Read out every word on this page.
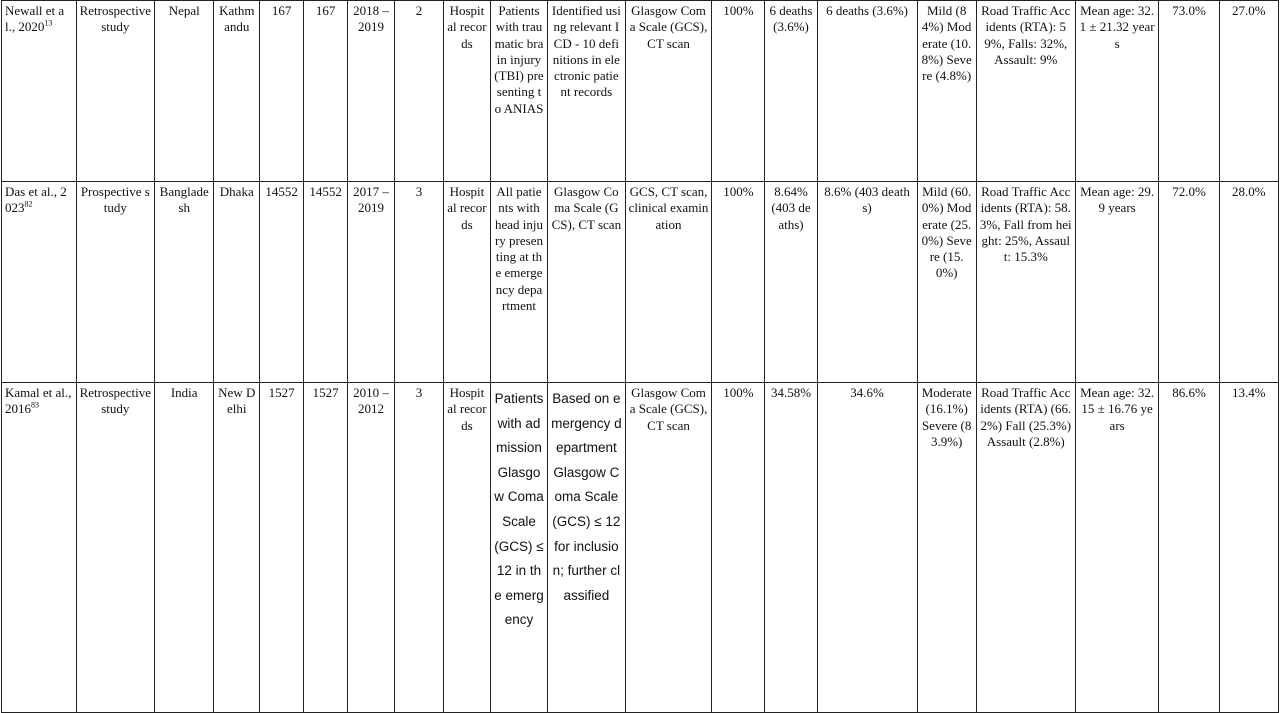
Newall et al., 2020$^{13}$	Retrospective study	Nepal	Kathmandu	167	167	2018 – 2019	2	Hospital records	Patients with traumatic brain injury (TBI) presenting to ANIAS	Identified using relevant ICD - 10 definitions in electronic patient records	Glasgow Coma Scale (GCS), CT scan	100%	6 deaths (3.6%)	6 deaths (3.6%)	Mild (84%) Moderate (10.8%) Severe (4.8%)	Road Traffic Accidents (RTA): 59%, Falls: 32%, Assault: 9%	Mean age: 32.1 ± 21.32 years	73.0%	27.0%

Das et al., 2023$^{82}$	Prospective study	Bangladesh	Dhaka	14552	14552	2017 – 2019	3	Hospital records	All patients with head injury presenting at the emergency department	Glasgow Coma Scale (GCS), CT scan	GCS, CT scan, clinical examination	100%	8.64% (403 deaths)	8.6% (403 deaths)	Mild (60.0%) Moderate (25.0%) Severe (15.0%)	Road Traffic Accidents (RTA): 58.3%, Fall from height: 25%, Assault: 15.3%	Mean age: 29.9 years	72.0%	28.0%

Kamal et al., 2016$^{83}$	Retrospective study	India	New Delhi	1527	1527	2010 – 2012	3	Hospital records	Patients with admission Glasgow Coma Scale (GCS) ≤ 12 in the emergency	Based on emergency department Glasgow Coma Scale (GCS) ≤ 12 for inclusion; further classified	Glasgow Coma Scale (GCS), CT scan	100%	34.58%	34.6%	Moderate (16.1%) Severe (83.9%)	Road Traffic Accidents (RTA) (66.2%) Fall (25.3%) Assault (2.8%)	Mean age: 32.15 ± 16.76 years	86.6%	13.4%
